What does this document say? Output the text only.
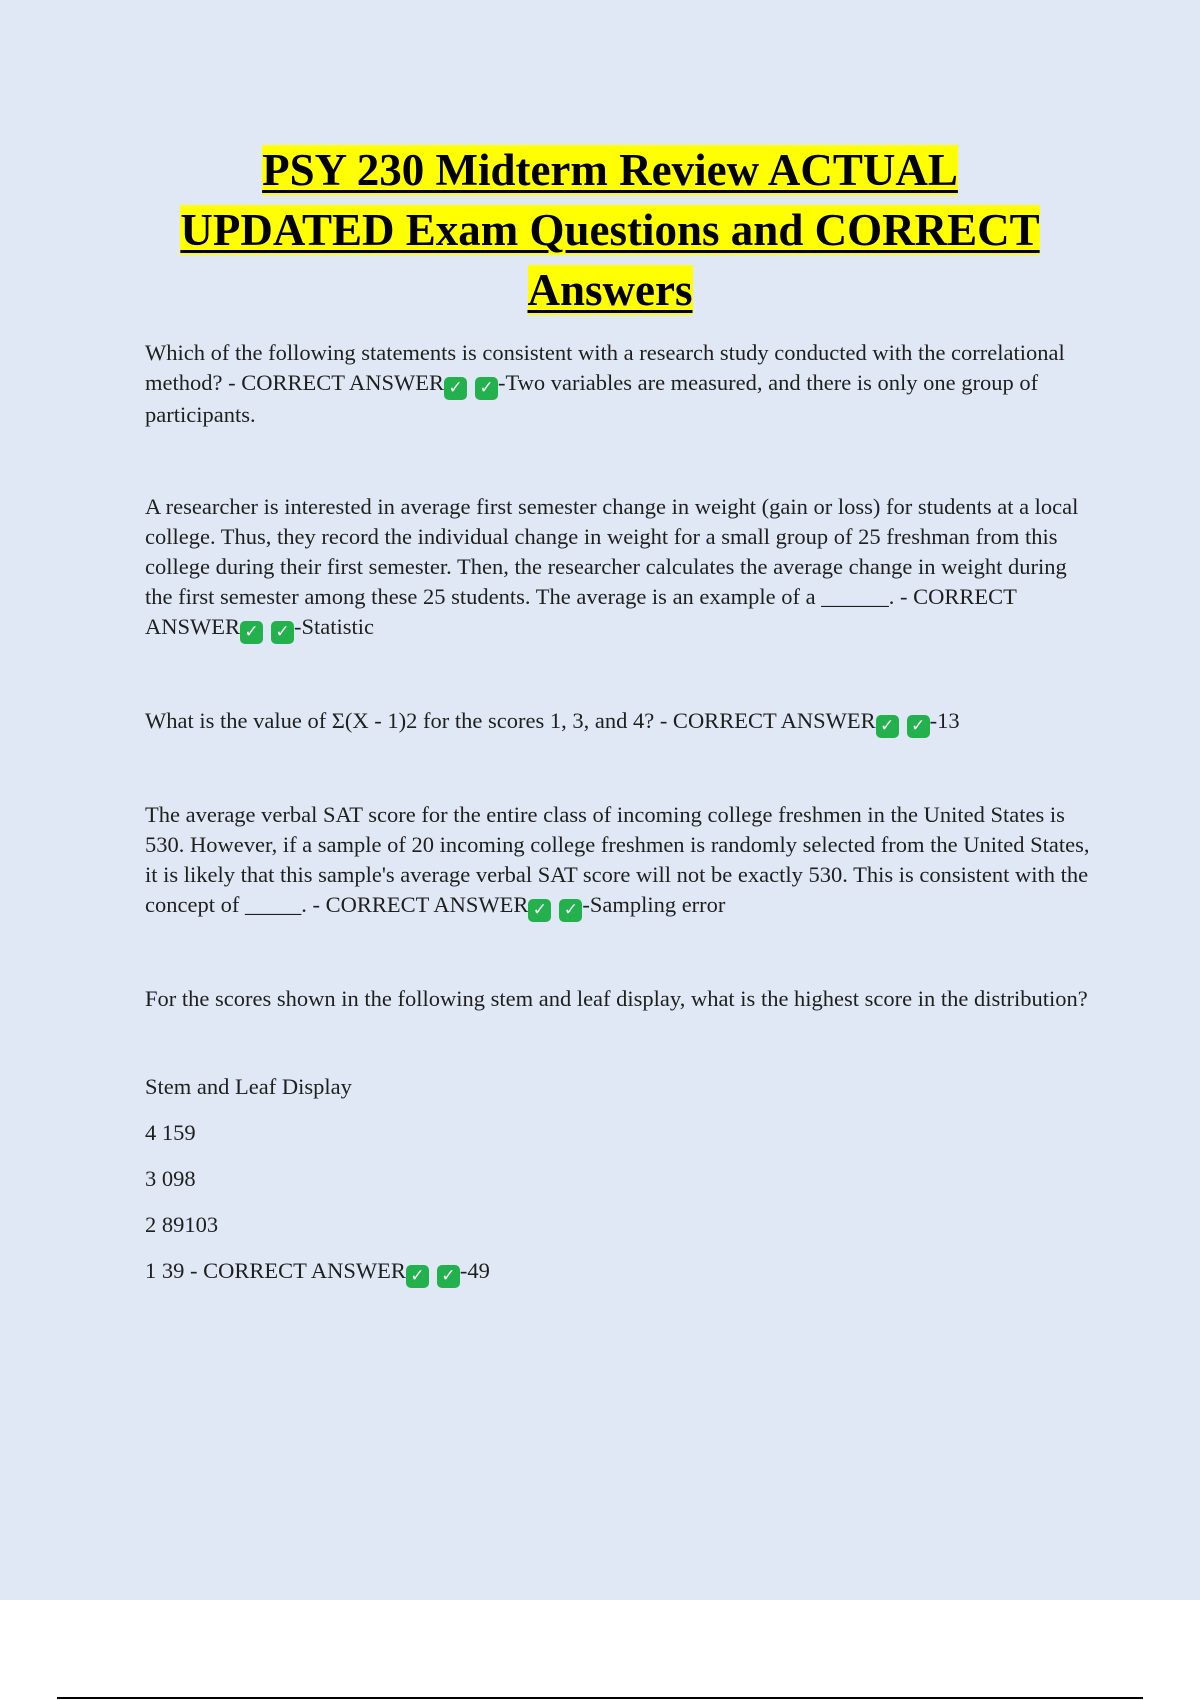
PSY 230 Midterm Review ACTUAL
UPDATED Exam Questions and CORRECT
Answers

Which of the following statements is consistent with a research study conducted with the correlational method? - CORRECT ANSWER ✓ ✓ -Two variables are measured, and there is only one group of participants.

A researcher is interested in average first semester change in weight (gain or loss) for students at a local college. Thus, they record the individual change in weight for a small group of 25 freshman from this college during their first semester. Then, the researcher calculates the average change in weight during the first semester among these 25 students. The average is an example of a ______. - CORRECT ANSWER ✓ ✓ -Statistic

What is the value of Σ(X - 1)2 for the scores 1, 3, and 4? - CORRECT ANSWER ✓ ✓ -13

The average verbal SAT score for the entire class of incoming college freshmen in the United States is 530. However, if a sample of 20 incoming college freshmen is randomly selected from the United States, it is likely that this sample's average verbal SAT score will not be exactly 530. This is consistent with the concept of _____. - CORRECT ANSWER ✓ ✓ -Sampling error

For the scores shown in the following stem and leaf display, what is the highest score in the distribution?

Stem and Leaf Display

4 159

3 098

2 89103

1 39 - CORRECT ANSWER ✓ ✓ -49
